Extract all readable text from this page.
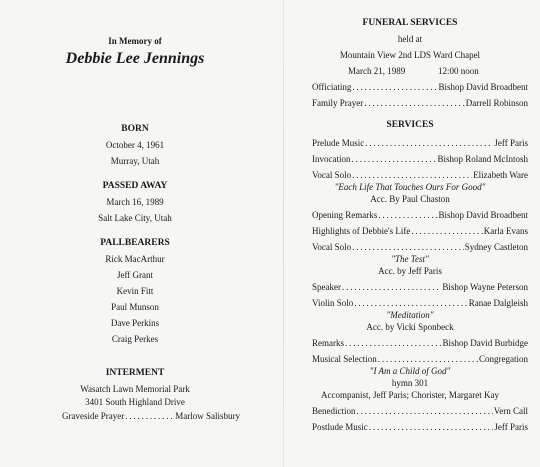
In Memory of
Debbie Lee Jennings
BORN
October 4, 1961
Murray, Utah
PASSED AWAY
March 16, 1989
Salt Lake City, Utah
PALLBEARERS
Rick MacArthur
Jeff Grant
Kevin Fitt
Paul Munson
Dave Perkins
Craig Perkes
INTERMENT
Wasatch Lawn Memorial Park
3401 South Highland Drive
Graveside Prayer . . .	Marlow Salisbury
FUNERAL SERVICES
held at
Mountain View 2nd LDS Ward Chapel
March 21, 1989	12:00 noon
Officiating . . .	Bishop David Broadbent
Family Prayer . . .	Darrell Robinson
SERVICES
Prelude Music . . .	Jeff Paris
Invocation . . .	Bishop Roland McIntosh
Vocal Solo . . .	Elizabeth Ware
"Each Life That Touches Ours For Good"
Acc. By Paul Chaston
Opening Remarks . . .	Bishop David Broadbent
Highlights of Debbie's Life . . .	Karla Evans
Vocal Solo . . .	Sydney Castleton
"The Test"
Acc. by Jeff Paris
Speaker . . .	Bishop Wayne Peterson
Violin Solo . . .	Ranae Dalgleish
"Meditation"
Acc. by Vicki Sponbeck
Remarks . . .	Bishop David Burbidge
Musical Selection . . .	Congregation
"I Am a Child of God"
hymn 301
Accompanist, Jeff Paris; Chorister, Margaret Kay
Benediction . . .	Vern Call
Postlude Music . . .	Jeff Paris
